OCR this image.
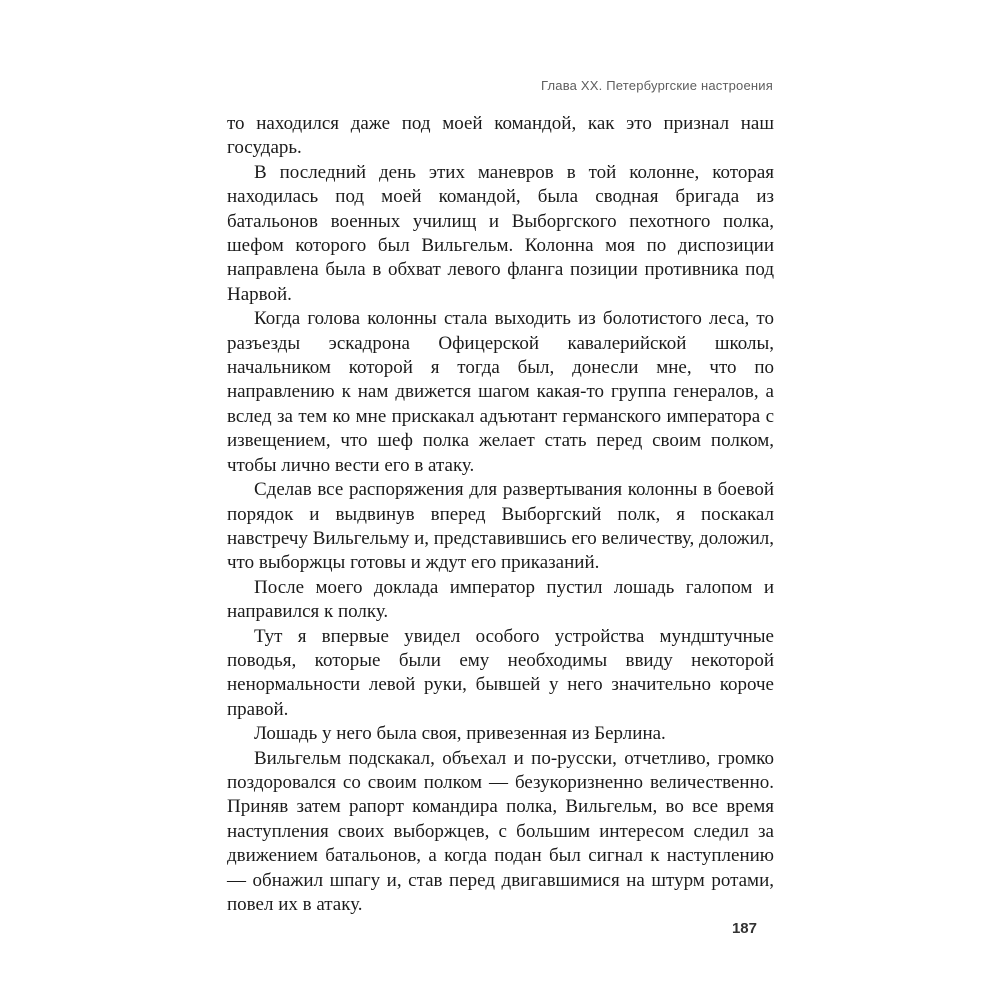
Глава XX. Петербургские настроения

то находился даже под моей командой, как это признал наш государь.

В последний день этих маневров в той колонне, которая находилась под моей командой, была сводная бригада из батальонов военных училищ и Выборгского пехотного полка, шефом которого был Вильгельм. Колонна моя по диспозиции направлена была в обхват левого фланга позиции противника под Нарвой.

Когда голова колонны стала выходить из болотистого леса, то разъезды эскадрона Офицерской кавалерийской школы, начальником которой я тогда был, донесли мне, что по направлению к нам движется шагом какая-то группа генералов, а вслед за тем ко мне прискакал адъютант германского императора с извещением, что шеф полка желает стать перед своим полком, чтобы лично вести его в атаку.

Сделав все распоряжения для развертывания колонны в боевой порядок и выдвинув вперед Выборгский полк, я поскакал навстречу Вильгельму и, представившись его величеству, доложил, что выборжцы готовы и ждут его приказаний.

После моего доклада император пустил лошадь галопом и направился к полку.

Тут я впервые увидел особого устройства мундштучные поводья, которые были ему необходимы ввиду некоторой ненормальности левой руки, бывшей у него значительно короче правой.

Лошадь у него была своя, привезенная из Берлина.

Вильгельм подскакал, объехал и по-русски, отчетливо, громко поздоровался со своим полком — безукоризненно величественно. Приняв затем рапорт командира полка, Вильгельм, во все время наступления своих выборжцев, с большим интересом следил за движением батальонов, а когда подан был сигнал к наступлению — обнажил шпагу и, став перед двигавшимися на штурм ротами, повел их в атаку.

187
